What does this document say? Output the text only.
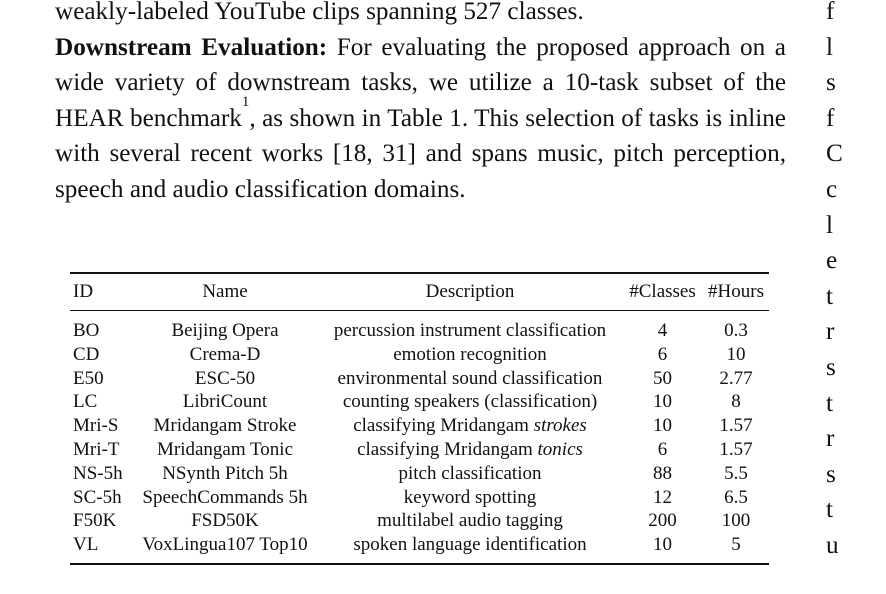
weakly-labeled YouTube clips spanning 527 classes.

Downstream Evaluation: For evaluating the proposed approach on a wide variety of downstream tasks, we utilize a 10-task subset of the HEAR benchmark$^1$, as shown in Table 1. This selection of tasks is inline with several recent works [18, 31] and spans music, pitch perception, speech and audio classification domains.

f
l
s
f
C
c
l
e
t
r
s
t
r
s
t
u
ID	Name	Description	#Classes	#Hours

BO	Beijing Opera	percussion instrument classification	4	0.3
CD	Crema-D	emotion recognition	6	10
E50	ESC-50	environmental sound classification	50	2.77
LC	LibriCount	counting speakers (classification)	10	8
Mri-S	Mridangam Stroke	classifying Mridangam strokes	10	1.57
Mri-T	Mridangam Tonic	classifying Mridangam tonics	6	1.57
NS-5h	NSynth Pitch 5h	pitch classification	88	5.5
SC-5h	SpeechCommands 5h	keyword spotting	12	6.5
F50K	FSD50K	multilabel audio tagging	200	100
VL	VoxLingua107 Top10	spoken language identification	10	5
